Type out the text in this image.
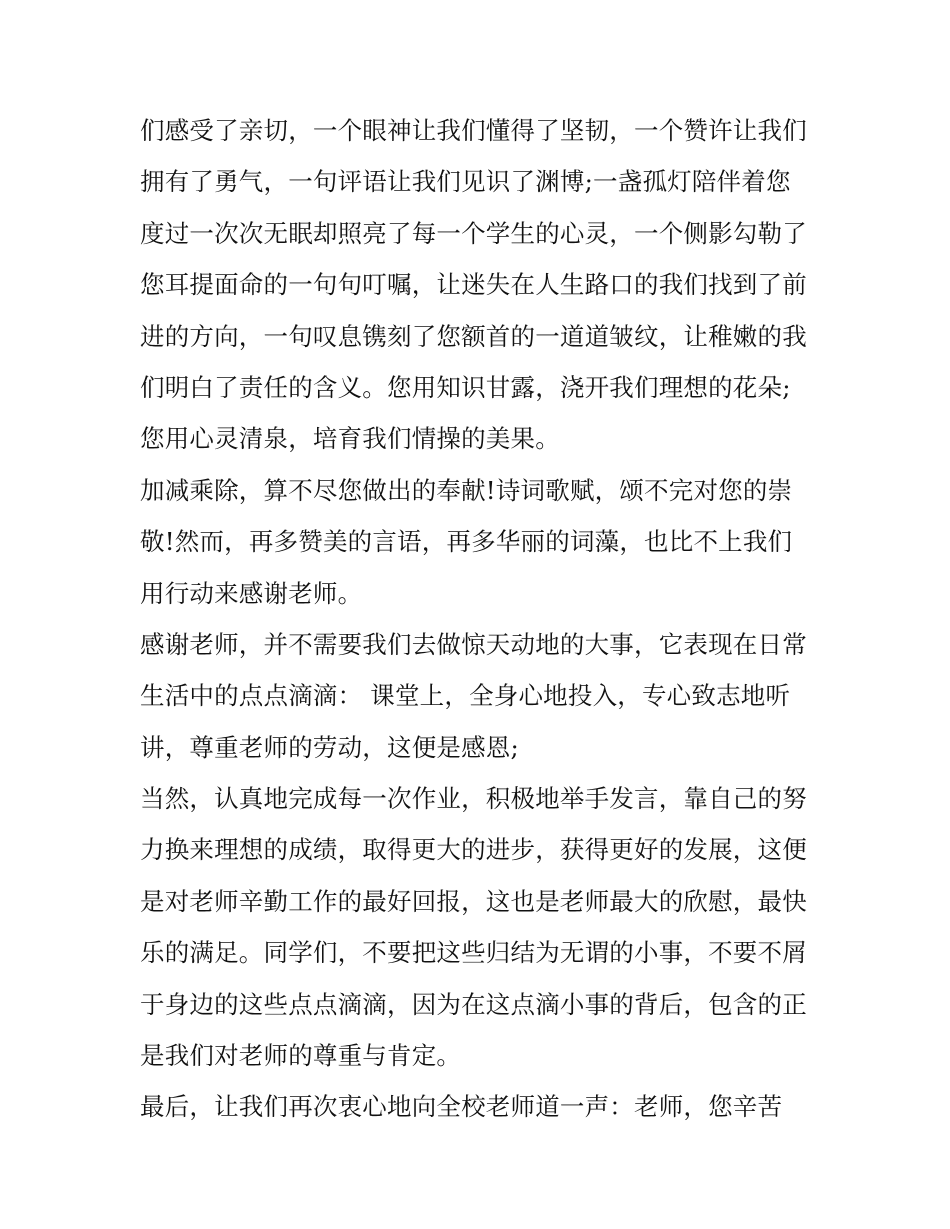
们感受了亲切，一个眼神让我们懂得了坚韧，一个赞许让我们
拥有了勇气，一句评语让我们见识了渊博;一盏孤灯陪伴着您
度过一次次无眠却照亮了每一个学生的心灵，一个侧影勾勒了
您耳提面命的一句句叮嘱，让迷失在人生路口的我们找到了前
进的方向，一句叹息镌刻了您额首的一道道皱纹，让稚嫩的我
们明白了责任的含义。您用知识甘露，浇开我们理想的花朵;
您用心灵清泉，培育我们情操的美果。
加减乘除，算不尽您做出的奉献!诗词歌赋，颂不完对您的崇
敬!然而，再多赞美的言语，再多华丽的词藻，也比不上我们
用行动来感谢老师。
感谢老师，并不需要我们去做惊天动地的大事，它表现在日常
生活中的点点滴滴： 课堂上，全身心地投入，专心致志地听
讲，尊重老师的劳动，这便是感恩;
当然，认真地完成每一次作业，积极地举手发言，靠自己的努
力换来理想的成绩，取得更大的进步，获得更好的发展，这便
是对老师辛勤工作的最好回报，这也是老师最大的欣慰，最快
乐的满足。同学们，不要把这些归结为无谓的小事，不要不屑
于身边的这些点点滴滴，因为在这点滴小事的背后，包含的正
是我们对老师的尊重与肯定。
最后，让我们再次衷心地向全校老师道一声：老师，您辛苦
